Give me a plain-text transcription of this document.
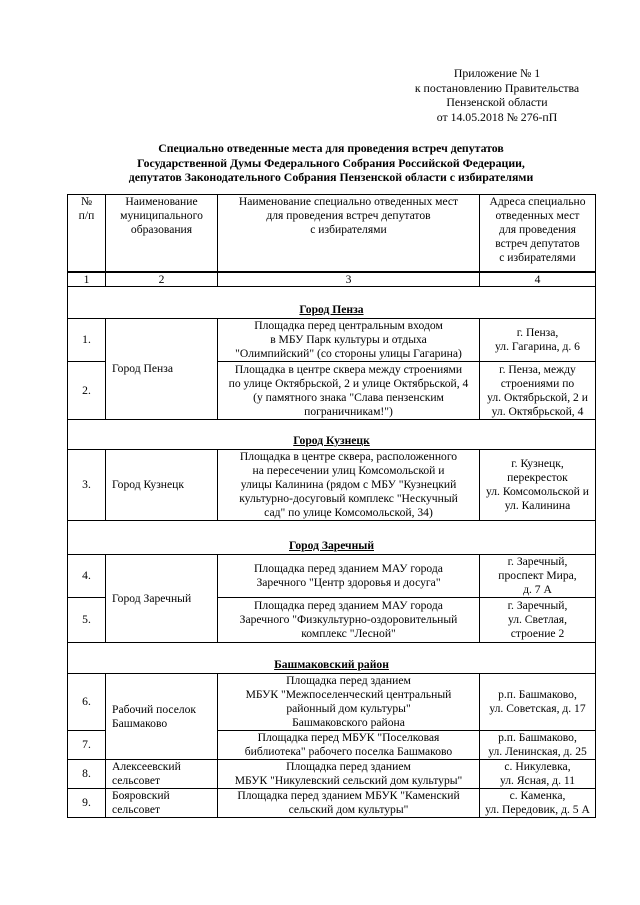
Приложение № 1
к постановлению Правительства
Пензенской области
от 14.05.2018 № 276-пП
Специально отведенные места для проведения встреч депутатов
Государственной Думы Федерального Собрания Российской Федерации,
депутатов Законодательного Собрания Пензенской области с избирателями
№
п/п	Наименование
муниципального
образования	Наименование специально отведенных мест
для проведения встреч депутатов
с избирателями	Адреса специально
отведенных мест
для проведения
встреч депутатов
с избирателями
1	2	3	4
Город Пенза			
1.	Город Пенза	Площадка перед центральным входом
в МБУ Парк культуры и отдыха
"Олимпийский" (со стороны улицы Гагарина)	г. Пенза,
ул. Гагарина, д. 6
2.		Площадка в центре сквера между строениями
по улице Октябрьской, 2 и улице Октябрьской, 4
(у памятного знака "Слава пензенским
пограничникам!")	г. Пенза, между
строениями по
ул. Октябрьской, 2 и
ул. Октябрьской, 4
Город Кузнецк			
3.	Город Кузнецк	Площадка в центре сквера, расположенного
на пересечении улиц Комсомольской и
улицы Калинина (рядом с МБУ "Кузнецкий
культурно-досуговый комплекс "Нескучный
сад" по улице Комсомольской, 34)	г. Кузнецк,
перекресток
ул. Комсомольской и
ул. Калинина
Город Заречный			
4.	Город Заречный	Площадка перед зданием МАУ города
Заречного "Центр здоровья и досуга"	г. Заречный,
проспект Мира,
д. 7 А
5.		Площадка перед зданием МАУ города
Заречного "Физкультурно-оздоровительный
комплекс "Лесной"	г. Заречный,
ул. Светлая,
строение 2
Башмаковский район			
6.	Рабочий поселок
Башмаково	Площадка перед зданием
МБУК "Межпоселенческий центральный
районный дом культуры"
Башмаковского района	р.п. Башмаково,
ул. Советская, д. 17
7.		Площадка перед МБУК "Поселковая
библиотека" рабочего поселка Башмаково	р.п. Башмаково,
ул. Ленинская, д. 25
8.	Алексеевский
сельсовет	Площадка перед зданием
МБУК "Никулевский сельский дом культуры"	с. Никулевка,
ул. Ясная, д. 11
9.	Бояровский
сельсовет	Площадка перед зданием МБУК "Каменский
сельский дом культуры"	с. Каменка,
ул. Передовик, д. 5 А
